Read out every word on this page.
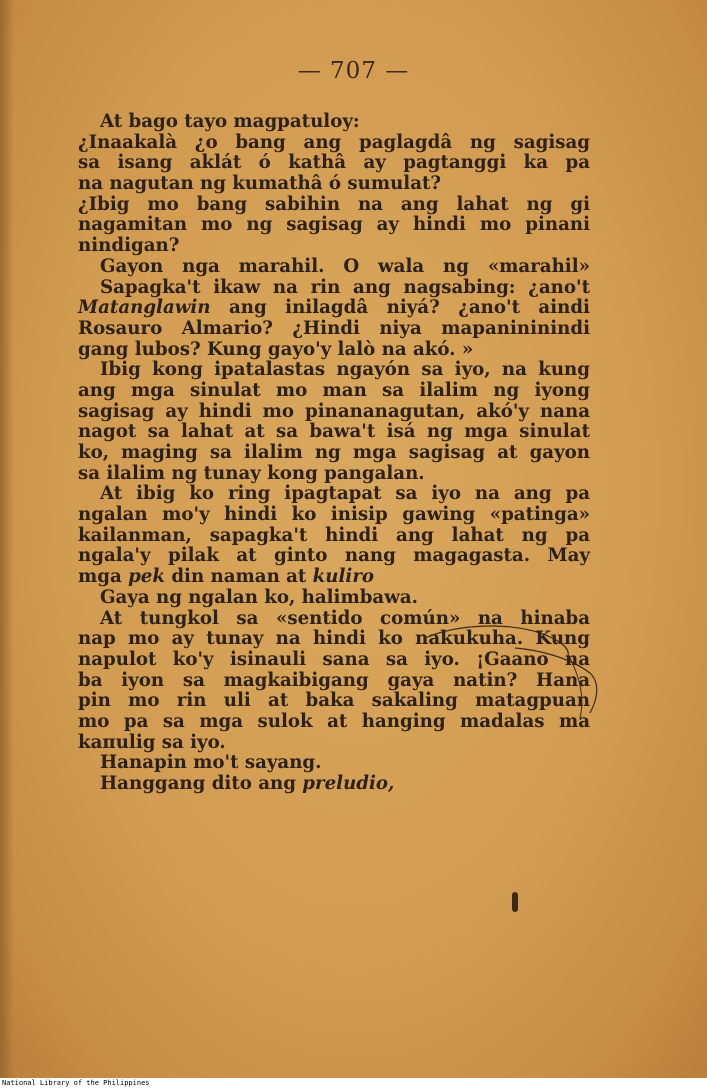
— 707 —
At bago tayo magpatuloy:
¿Inaakalà ¿o bang ang paglagdâ ng sagisag
sa isang aklát ó kathâ ay pagtanggi ka pa
na nagutan ng kumathâ ó sumulat?
¿Ibig mo bang sabihin na ang lahat ng gi
nagamitan mo ng sagisag ay hindi mo pinani
nindigan?
Gayon nga marahil. O wala ng «marahil»
Sapagka't ikaw na rin ang nagsabing: ¿ano't
Matanglawin ang inilagdâ niyá? ¿ano't aindi
Rosauro Almario? ¿Hindi niya mapanininindi
gang lubos? Kung gayo'y lalò na akó. »
Ibig kong ipatalastas ngayón sa iyo, na kung
ang mga sinulat mo man sa ilalim ng iyong
sagisag ay hindi mo pinananagutan, akó'y nana
nagot sa lahat at sa bawa't isá ng mga sinulat
ko, maging sa ilalim ng mga sagisag at gayon
sa ilalim ng tunay kong pangalan.
At ibig ko ring ipagtapat sa iyo na ang pa
ngalan mo'y hindi ko inisip gawing «patinga»
kailanman, sapagka't hindi ang lahat ng pa
ngala'y pilak at ginto nang magagasta. May
mga pek din naman at kuliro
Gaya ng ngalan ko, halimbawa.
At tungkol sa «sentido común» na hinaba
nap mo ay tunay na hindi ko nakukuha. Kung
napulot ko'y isinauli sana sa iyo. ¡Gaano na
ba iyon sa magkaibigang gaya natin? Hana
pin mo rin uli at baka sakaling matagpuan
mo pa sa mga sulok at hanging madalas ma
kaпulig sa iyo.
Hanapin mo't sayang.
Hanggang dito ang preludio,
National Library of the Philippines
